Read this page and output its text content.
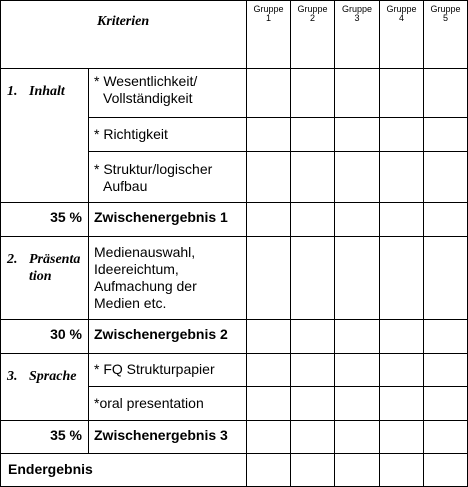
Kriterien
Gruppe
1
Gruppe
2
Gruppe
3
Gruppe
4
Gruppe
5
1. Inhalt
* Wesentlichkeit/
Vollständigkeit
* Richtigkeit
* Struktur/logischer
Aufbau
35 % Zwischenergebnis 1
2. Präsenta
tion
Medienauswahl,
Ideereichtum,
Aufmachung der
Medien etc.
30 % Zwischenergebnis 2
3. Sprache	* FQ Strukturpapier
*oral presentation
35 % Zwischenergebnis 3
Endergebnis
